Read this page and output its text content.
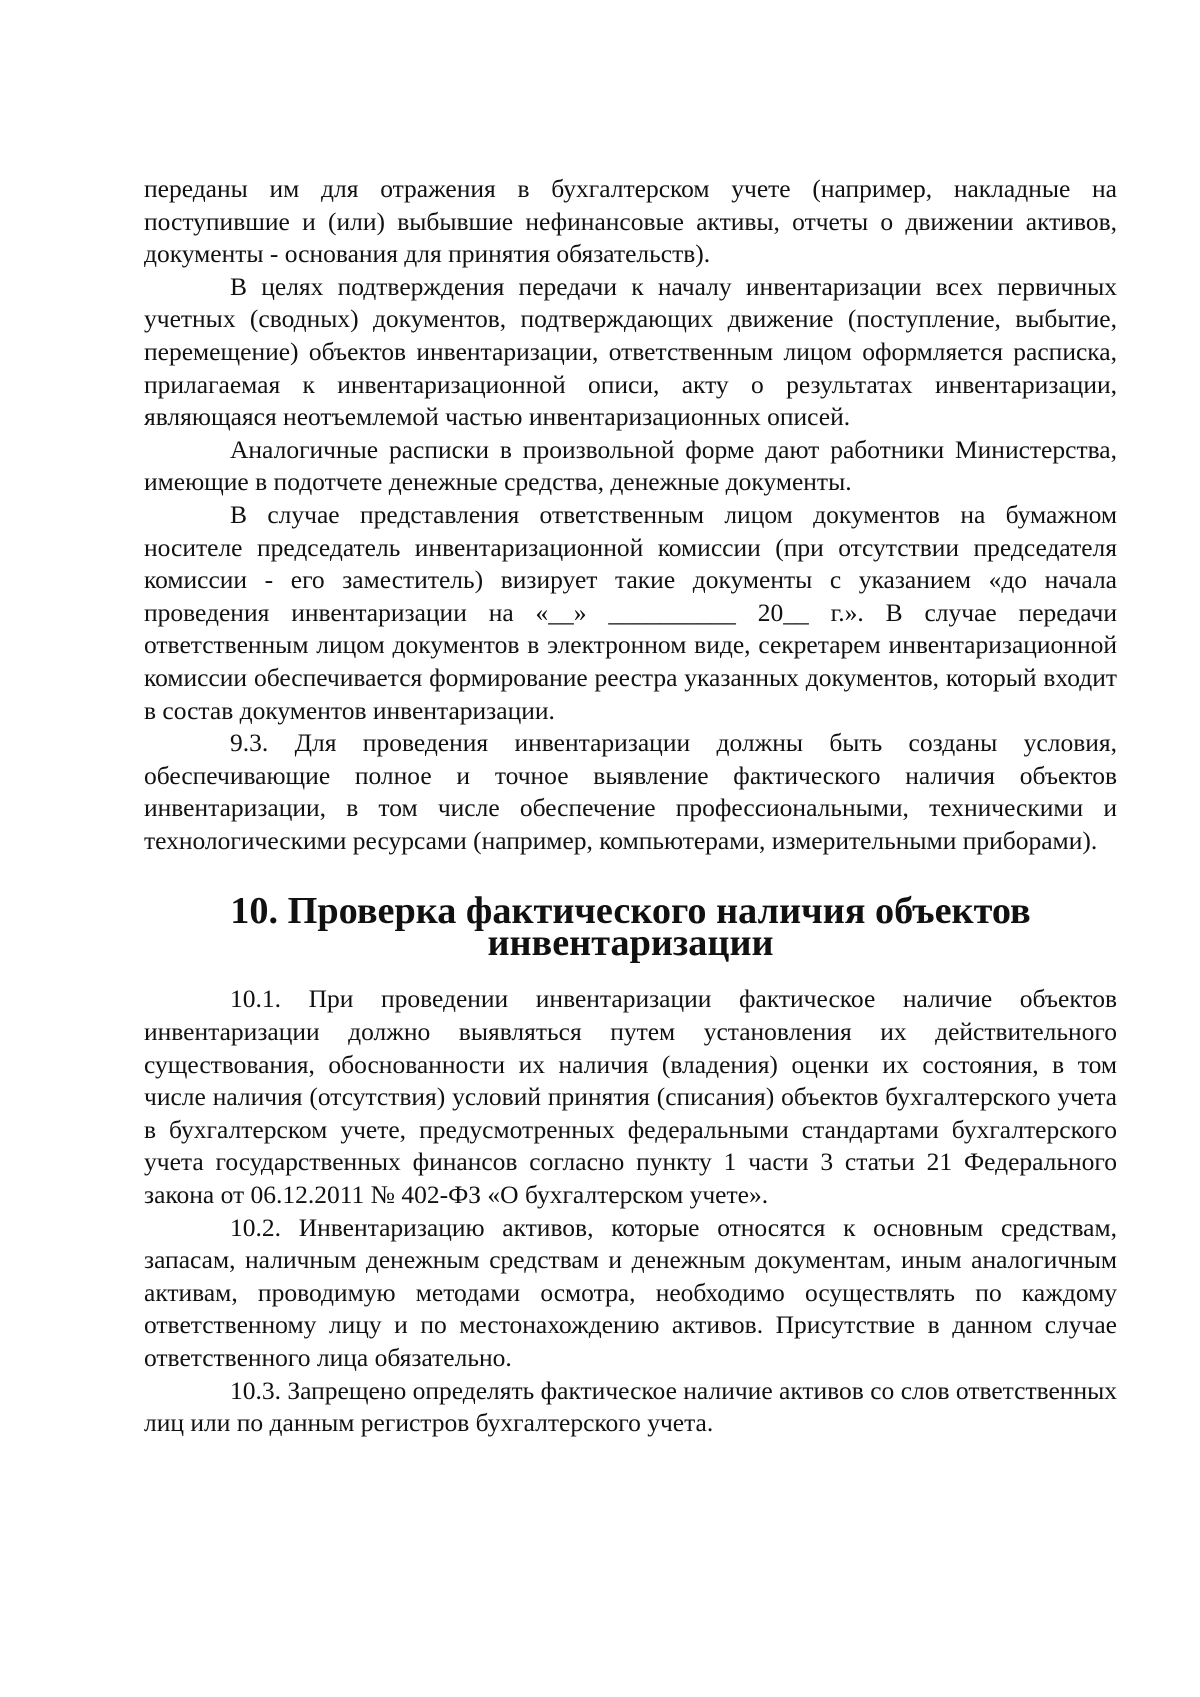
переданы им для отражения в бухгалтерском учете (например, накладные на поступившие и (или) выбывшие нефинансовые активы, отчеты о движении активов, документы - основания для принятия обязательств).

В целях подтверждения передачи к началу инвентаризации всех первичных учетных (сводных) документов, подтверждающих движение (поступление, выбытие, перемещение) объектов инвентаризации, ответственным лицом оформляется расписка, прилагаемая к инвентаризационной описи, акту о результатах инвентаризации, являющаяся неотъемлемой частью инвентаризационных описей.

Аналогичные расписки в произвольной форме дают работники Министерства, имеющие в подотчете денежные средства, денежные документы.

В случае представления ответственным лицом документов на бумажном носителе председатель инвентаризационной комиссии (при отсутствии председателя комиссии - его заместитель) визирует такие документы с указанием «до начала проведения инвентаризации на «__» __________ 20__ г.». В случае передачи ответственным лицом документов в электронном виде, секретарем инвентаризационной комиссии обеспечивается формирование реестра указанных документов, который входит в состав документов инвентаризации.

9.3. Для проведения инвентаризации должны быть созданы условия, обеспечивающие полное и точное выявление фактического наличия объектов инвентаризации, в том числе обеспечение профессиональными, техническими и технологическими ресурсами (например, компьютерами, измерительными приборами).

10. Проверка фактического наличия объектов инвентаризации

10.1. При проведении инвентаризации фактическое наличие объектов инвентаризации должно выявляться путем установления их действительного существования, обоснованности их наличия (владения) оценки их состояния, в том числе наличия (отсутствия) условий принятия (списания) объектов бухгалтерского учета в бухгалтерском учете, предусмотренных федеральными стандартами бухгалтерского учета государственных финансов согласно пункту 1 части 3 статьи 21 Федерального закона от 06.12.2011 № 402-ФЗ «О бухгалтерском учете».

10.2. Инвентаризацию активов, которые относятся к основным средствам, запасам, наличным денежным средствам и денежным документам, иным аналогичным активам, проводимую методами осмотра, необходимо осуществлять по каждому ответственному лицу и по местонахождению активов. Присутствие в данном случае ответственного лица обязательно.

10.3. Запрещено определять фактическое наличие активов со слов ответственных лиц или по данным регистров бухгалтерского учета.
